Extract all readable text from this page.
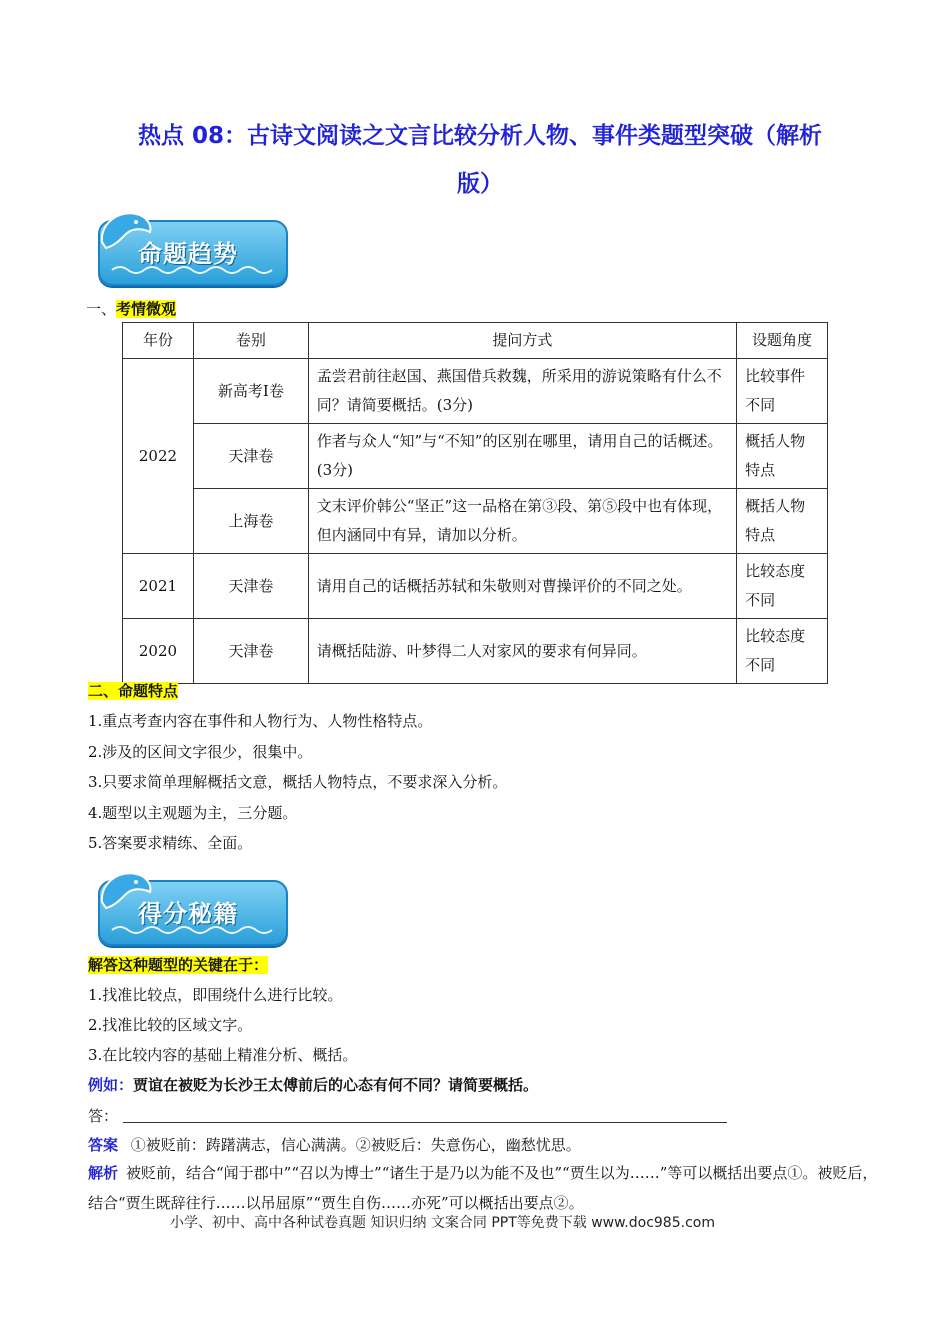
热点 08：古诗文阅读之文言比较分析人物、事件类题型突破（解析
版）
命题趋势
一、考情微观
年份	卷别	提问方式	设题角度
2022	新高考Ⅰ卷	孟尝君前往赵国、燕国借兵救魏，所采用的游说策略有什么不同？请简要概括。(3分)	比较事件不同
	天津卷	作者与众人“知”与“不知”的区别在哪里，请用自己的话概述。(3分)	概括人物特点
	上海卷	文末评价韩公“坚正”这一品格在第③段、第⑤段中也有体现，但内涵同中有异，请加以分析。	概括人物特点
2021	天津卷	请用自己的话概括苏轼和朱敬则对曹操评价的不同之处。	比较态度不同
2020	天津卷	请概括陆游、叶梦得二人对家风的要求有何异同。	比较态度不同
二、命题特点
1.重点考查内容在事件和人物行为、人物性格特点。
2.涉及的区间文字很少，很集中。
3.只要求简单理解概括文意，概括人物特点，不要求深入分析。
4.题型以主观题为主，三分题。
5.答案要求精练、全面。
得分秘籍
解答这种题型的关键在于：
1.找准比较点，即围绕什么进行比较。
2.找准比较的区域文字。
3.在比较内容的基础上精准分析、概括。
例如：贾谊在被贬为长沙王太傅前后的心态有何不同？请简要概括。
答：
答案 ①被贬前：踌躇满志，信心满满。②被贬后：失意伤心，幽愁忧思。
解析 被贬前，结合“闻于郡中”“召以为博士”“诸生于是乃以为能不及也”“贾生以为……”等可以概括出要点①。被贬后，结合“贾生既辞往行……以吊屈原”“贾生自伤……亦死”可以概括出要点②。
小学、初中、高中各种试卷真题 知识归纳 文案合同 PPT等免费下载 www.doc985.com
